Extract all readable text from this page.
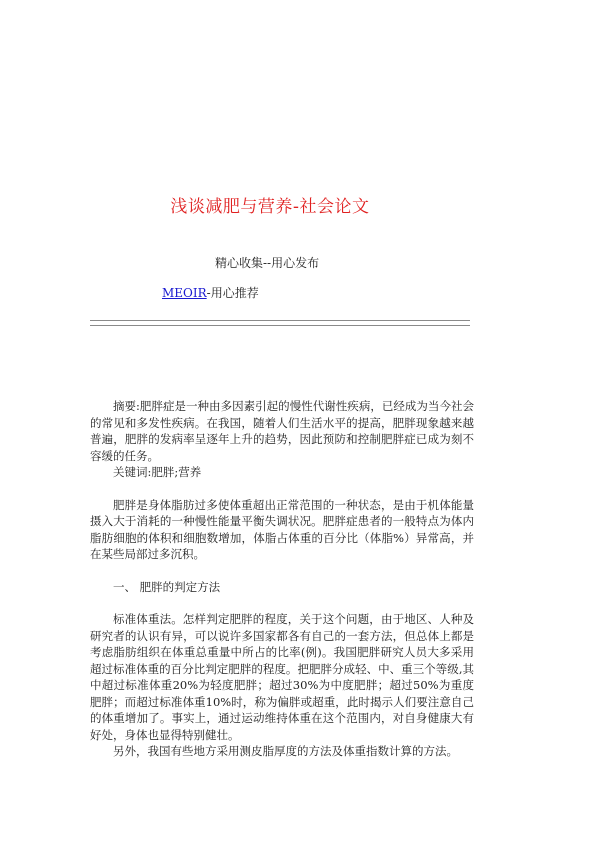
浅谈减肥与营养-社会论文
精心收集--用心发布
MEOIR-用心推荐

摘要:肥胖症是一种由多因素引起的慢性代谢性疾病，已经成为当今社会的常见和多发性疾病。在我国，随着人们生活水平的提高，肥胖现象越来越普遍，肥胖的发病率呈逐年上升的趋势，因此预防和控制肥胖症已成为刻不容缓的任务。

关键词:肥胖;营养

肥胖是身体脂肪过多使体重超出正常范围的一种状态，是由于机体能量摄入大于消耗的一种慢性能量平衡失调状况。肥胖症患者的一般特点为体内脂肪细胞的体积和细胞数增加，体脂占体重的百分比（体脂%）异常高，并在某些局部过多沉积。

一、 肥胖的判定方法

标准体重法。怎样判定肥胖的程度，关于这个问题，由于地区、人种及研究者的认识有异，可以说许多国家都各有自己的一套方法，但总体上都是考虑脂肪组织在体重总重量中所占的比率(例)。我国肥胖研究人员大多采用超过标准体重的百分比判定肥胖的程度。把肥胖分成轻、中、重三个等级,其中超过标准体重20%为轻度肥胖；超过30%为中度肥胖；超过50%为重度肥胖；而超过标准体重10%时，称为偏胖或超重，此时揭示人们要注意自己的体重增加了。事实上，通过运动维持体重在这个范围内，对自身健康大有好处，身体也显得特别健壮。

另外，我国有些地方采用测皮脂厚度的方法及体重指数计算的方法。
